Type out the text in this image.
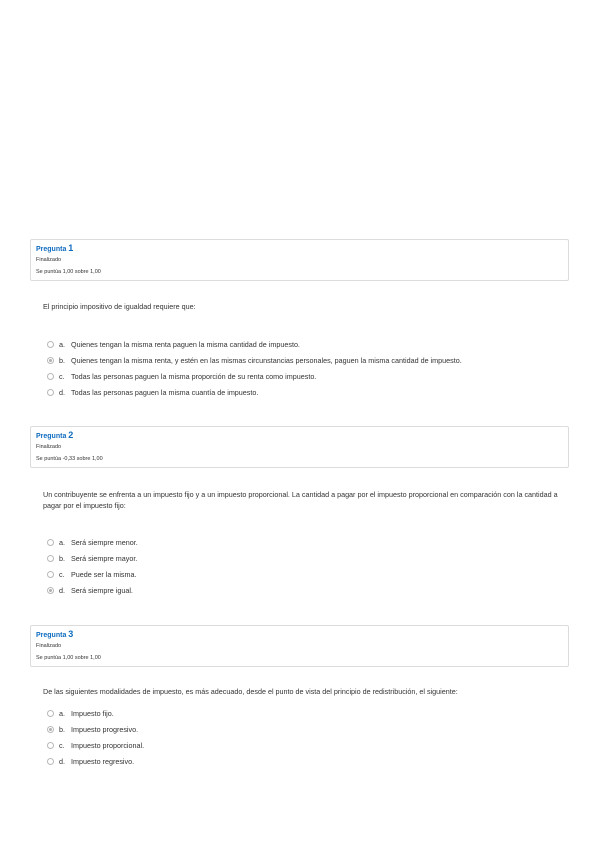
Pregunta 1
Finalizado
Se puntúa 1,00 sobre 1,00
El principio impositivo de igualdad requiere que:
a. Quienes tengan la misma renta paguen la misma cantidad de impuesto.
b. Quienes tengan la misma renta, y estén en las mismas circunstancias personales, paguen la misma cantidad de impuesto.
c. Todas las personas paguen la misma proporción de su renta como impuesto.
d. Todas las personas paguen la misma cuantía de impuesto.
Pregunta 2
Finalizado
Se puntúa -0,33 sobre 1,00
Un contribuyente se enfrenta a un impuesto fijo y a un impuesto proporcional. La cantidad a pagar por el impuesto proporcional en comparación con la cantidad a pagar por el impuesto fijo:
a. Será siempre menor.
b. Será siempre mayor.
c. Puede ser la misma.
d. Será siempre igual.
Pregunta 3
Finalizado
Se puntúa 1,00 sobre 1,00
De las siguientes modalidades de impuesto, es más adecuado, desde el punto de vista del principio de redistribución, el siguiente:
a. Impuesto fijo.
b. Impuesto progresivo.
c. Impuesto proporcional.
d. Impuesto regresivo.
